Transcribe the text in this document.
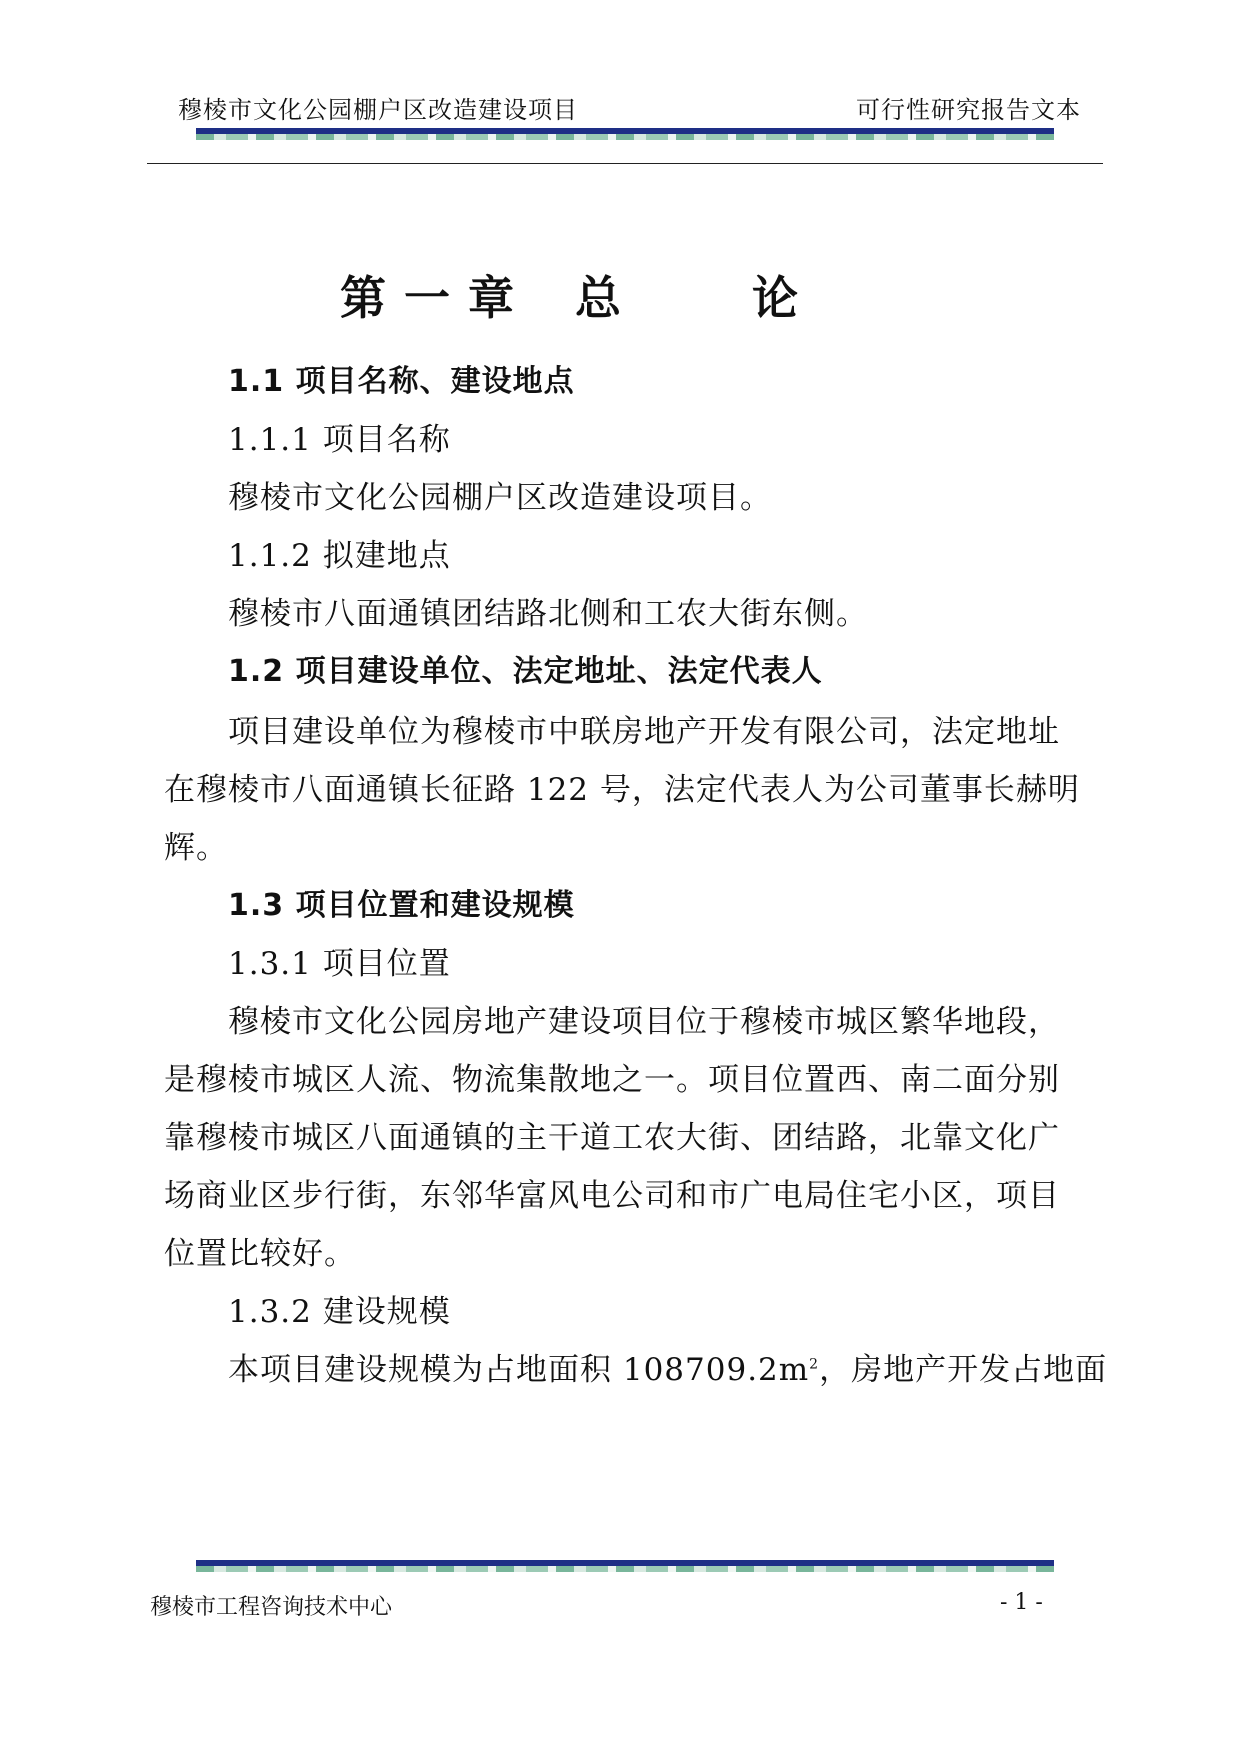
穆棱市文化公园棚户区改造建设项目	可行性研究报告文本
第 一 章 总	论
1.1 项目名称、建设地点
1.1.1 项目名称
穆棱市文化公园棚户区改造建设项目。
1.1.2 拟建地点
穆棱市八面通镇团结路北侧和工农大街东侧。
1.2 项目建设单位、法定地址、法定代表人
项目建设单位为穆棱市中联房地产开发有限公司，法定地址
在穆棱市八面通镇长征路 122 号，法定代表人为公司董事长赫明
辉。
1.3 项目位置和建设规模
1.3.1 项目位置
穆棱市文化公园房地产建设项目位于穆棱市城区繁华地段，
是穆棱市城区人流、物流集散地之一。项目位置西、南二面分别
靠穆棱市城区八面通镇的主干道工农大街、团结路，北靠文化广
场商业区步行街，东邻华富风电公司和市广电局住宅小区，项目
位置比较好。
1.3.2 建设规模
本项目建设规模为占地面积 $108709.2m^2$，房地产开发占地面
穆棱市工程咨询技术中心	- 1 -
